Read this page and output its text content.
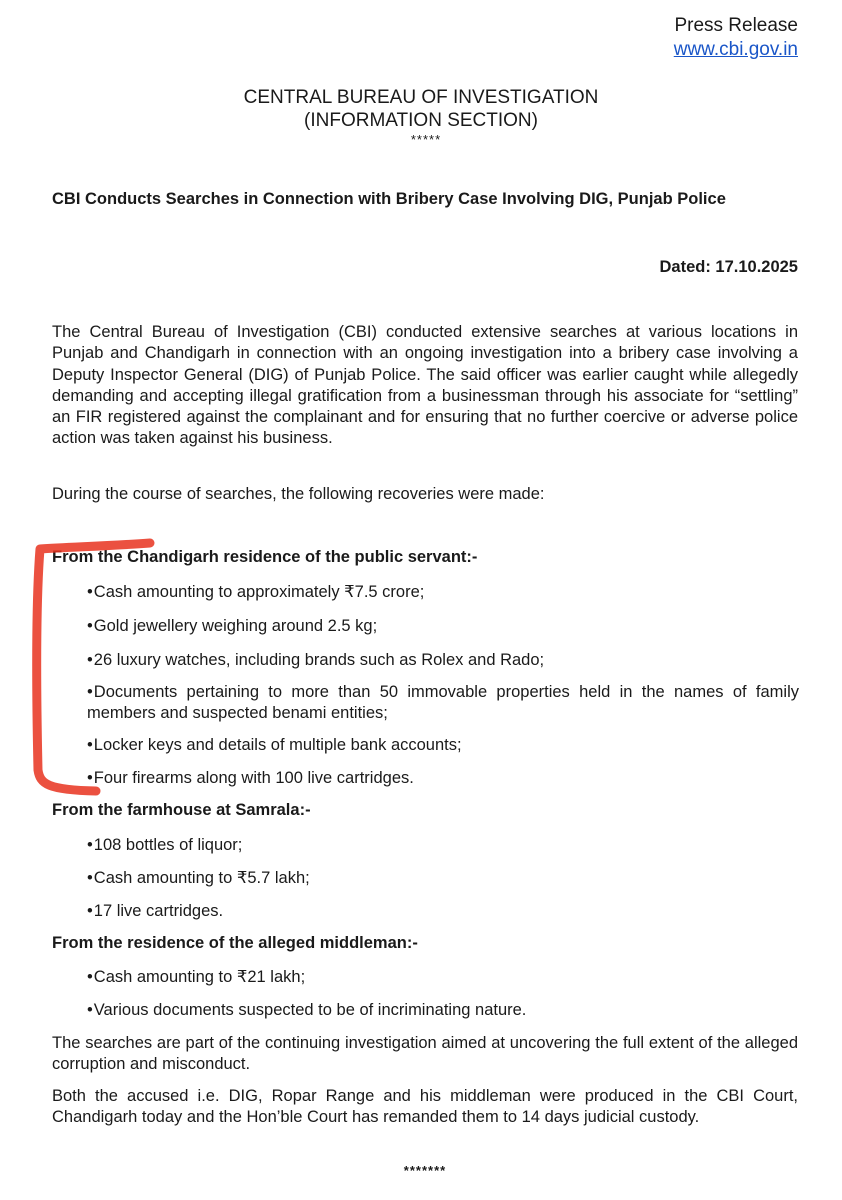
Press Release
www.cbi.gov.in
CENTRAL BUREAU OF INVESTIGATION
(INFORMATION SECTION)
*****
CBI Conducts Searches in Connection with Bribery Case Involving DIG, Punjab Police
Dated: 17.10.2025

The Central Bureau of Investigation (CBI) conducted extensive searches at various locations in Punjab and Chandigarh in connection with an ongoing investigation into a bribery case involving a Deputy Inspector General (DIG) of Punjab Police. The said officer was earlier caught while allegedly demanding and accepting illegal gratification from a businessman through his associate for “settling” an FIR registered against the complainant and for ensuring that no further coercive or adverse police action was taken against his business.

During the course of searches, the following recoveries were made:

From the Chandigarh residence of the public servant:-
•Cash amounting to approximately ₹7.5 crore;
•Gold jewellery weighing around 2.5 kg;
•26 luxury watches, including brands such as Rolex and Rado;
•Documents pertaining to more than 50 immovable properties held in the names of family members and suspected benami entities;
•Locker keys and details of multiple bank accounts;
•Four firearms along with 100 live cartridges.
From the farmhouse at Samrala:-
•108 bottles of liquor;
•Cash amounting to ₹5.7 lakh;
•17 live cartridges.
From the residence of the alleged middleman:-
•Cash amounting to ₹21 lakh;
•Various documents suspected to be of incriminating nature.

The searches are part of the continuing investigation aimed at uncovering the full extent of the alleged corruption and misconduct.

Both the accused i.e. DIG, Ropar Range and his middleman were produced in the CBI Court, Chandigarh today and the Hon’ble Court has remanded them to 14 days judicial custody.

*******
